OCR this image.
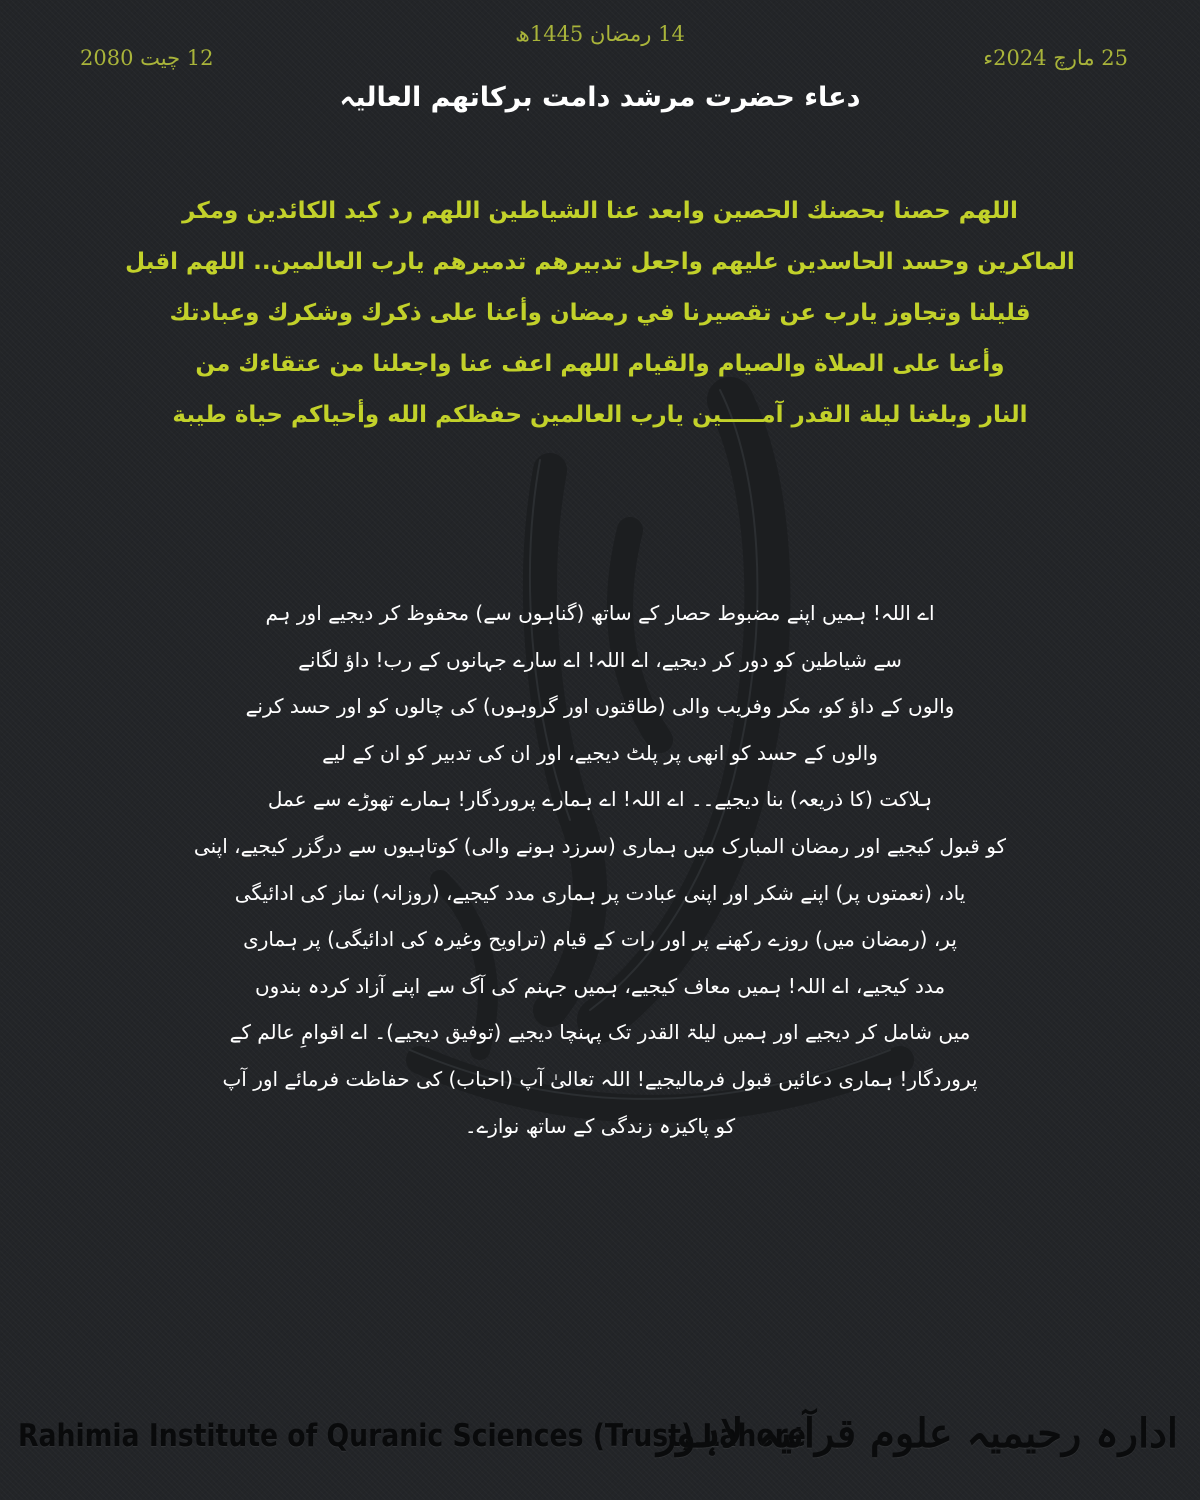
14 رمضان 1445ھ
25 مارچ 2024ء
12 چیت 2080
دعاء حضرت مرشد دامت برکاتهم العالیہ
اللهم حصنا بحصنك الحصين وابعد عنا الشياطين اللهم رد كيد الكائدين ومكر
الماكرين وحسد الحاسدين عليهم واجعل تدبيرهم تدميرهم يارب العالمين.. اللهم اقبل
قليلنا وتجاوز يارب عن تقصيرنا في رمضان وأعنا على ذكرك وشكرك وعبادتك
وأعنا على الصلاة والصيام والقيام اللهم اعف عنا واجعلنا من عتقاءك من
النار وبلغنا ليلة القدر آمـــــين يارب العالمين حفظكم الله وأحياكم حياة طيبة
اے اللہ! ہمیں اپنے مضبوط حصار کے ساتھ (گناہوں سے) محفوظ کر دیجیے اور ہم
سے شیاطین کو دور کر دیجیے، اے اللہ! اے سارے جہانوں کے رب! داؤ لگانے
والوں کے داؤ کو، مکر وفریب والی (طاقتوں اور گروہوں) کی چالوں کو اور حسد کرنے
والوں کے حسد کو انھی پر پلٹ دیجیے، اور ان کی تدبیر کو ان کے لیے
ہلاکت (کا ذریعہ) بنا دیجیے۔۔ اے اللہ! اے ہمارے پروردگار! ہمارے تھوڑے سے عمل
کو قبول کیجیے اور رمضان المبارک میں ہماری (سرزد ہونے والی) کوتاہیوں سے درگزر کیجیے، اپنی
یاد، (نعمتوں پر) اپنے شکر اور اپنی عبادت پر ہماری مدد کیجیے، (روزانہ) نماز کی ادائیگی
پر، (رمضان میں) روزے رکھنے پر اور رات کے قیام (تراویح وغیرہ کی ادائیگی) پر ہماری
مدد کیجیے، اے اللہ! ہمیں معاف کیجیے، ہمیں جہنم کی آگ سے اپنے آزاد کردہ بندوں
میں شامل کر دیجیے اور ہمیں لیلۃ القدر تک پہنچا دیجیے (توفیق دیجیے)۔ اے اقوامِ عالم کے
پروردگار! ہماری دعائیں قبول فرمالیجیے! اللہ تعالیٰ آپ (احباب) کی حفاظت فرمائے اور آپ
کو پاکیزہ زندگی کے ساتھ نوازے۔
Rahimia Institute of Quranic Sciences (Trust) Lahore
ادارہ رحیمیہ علوم قرآنیہ لاہور
